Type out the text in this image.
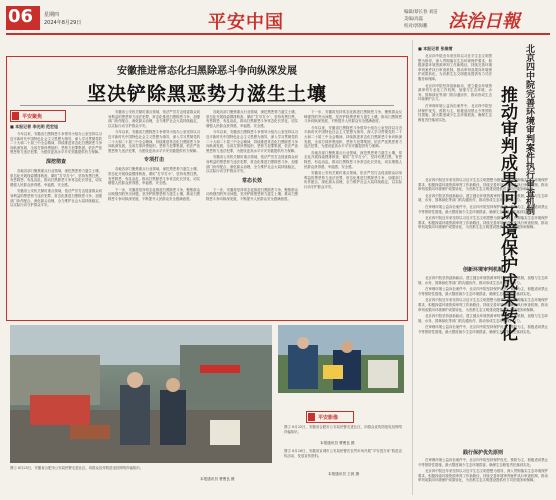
06 星期四
2024年8月29日	平安中国	编辑/蔡长春 刘洁
美编/高磊
校对/郭海鹏	法治日報
安徽推进常态化扫黑除恶斗争向纵深发展
坚决铲除黑恶势力滋生土壤
平安聚焦
■ 本报记者 李光明 范宏旭

今年以来，安徽省扫黑除恶斗争领导小组办公室坚持以习近平新时代中国特色社会主义思想为指导，深入学习贯彻党的二十大和二十届三中全会精神，持续推进常态化扫黑除恶斗争向纵深发展，全省打掉涉黑组织、恶势力犯罪集团，依法严惩黑恶势力违法犯罪，为建设更高水平平安安徽提供有力保障。

深挖彻查

各地各部门聚焦重点行业领域，深挖黑恶势力滋生土壤，常态化开展线索摸排核查，紧盯“打早打小”，坚持有黑扫黑、有恶除恶、有乱治乱，推动扫黑除恶斗争常态化长效化，切实增强人民群众获得感、幸福感、安全感。

安徽省公安机关紧盯重点领域，依法严厉打击侵害群众切身利益的黑恶势力违法犯罪，常态化推进扫黑除恶斗争，加强部门协作配合，深化源头治理，全力维护社会大局持续稳定，以实际行动守护群众平安。

安徽省公安机关紧盯重点领域，依法严厉打击侵害群众切身利益的黑恶势力违法犯罪，常态化推进扫黑除恶斗争，加强部门协作配合，深化源头治理，全力维护社会大局持续稳定，以实际行动守护群众平安。

今年以来，安徽省扫黑除恶斗争领导小组办公室坚持以习近平新时代中国特色社会主义思想为指导，深入学习贯彻党的二十大和二十届三中全会精神，持续推进常态化扫黑除恶斗争向纵深发展，全省打掉涉黑组织、恶势力犯罪集团，依法严惩黑恶势力违法犯罪，为建设更高水平平安安徽提供有力保障。

专项打击

各地各部门聚焦重点行业领域，深挖黑恶势力滋生土壤，常态化开展线索摸排核查，紧盯“打早打小”，坚持有黑扫黑、有恶除恶、有乱治乱，推动扫黑除恶斗争常态化长效化，切实增强人民群众获得感、幸福感、安全感。

下一步，安徽将坚持常态化推进扫黑除恶斗争，聚焦群众反映强烈的突出问题，坚决铲除黑恶势力滋生土壤，推动扫黑除恶斗争向纵深发展，不断提升人民群众安全感满意度。

各地各部门聚焦重点行业领域，深挖黑恶势力滋生土壤，常态化开展线索摸排核查，紧盯“打早打小”，坚持有黑扫黑、有恶除恶、有乱治乱，推动扫黑除恶斗争常态化长效化，切实增强人民群众获得感、幸福感、安全感。

今年以来，安徽省扫黑除恶斗争领导小组办公室坚持以习近平新时代中国特色社会主义思想为指导，深入学习贯彻党的二十大和二十届三中全会精神，持续推进常态化扫黑除恶斗争向纵深发展，全省打掉涉黑组织、恶势力犯罪集团，依法严惩黑恶势力违法犯罪，为建设更高水平平安安徽提供有力保障。

安徽省公安机关紧盯重点领域，依法严厉打击侵害群众切身利益的黑恶势力违法犯罪，常态化推进扫黑除恶斗争，加强部门协作配合，深化源头治理，全力维护社会大局持续稳定，以实际行动守护群众平安。

常态长效

下一步，安徽将坚持常态化推进扫黑除恶斗争，聚焦群众反映强烈的突出问题，坚决铲除黑恶势力滋生土壤，推动扫黑除恶斗争向纵深发展，不断提升人民群众安全感满意度。

下一步，安徽将坚持常态化推进扫黑除恶斗争，聚焦群众反映强烈的突出问题，坚决铲除黑恶势力滋生土壤，推动扫黑除恶斗争向纵深发展，不断提升人民群众安全感满意度。

今年以来，安徽省扫黑除恶斗争领导小组办公室坚持以习近平新时代中国特色社会主义思想为指导，深入学习贯彻党的二十大和二十届三中全会精神，持续推进常态化扫黑除恶斗争向纵深发展，全省打掉涉黑组织、恶势力犯罪集团，依法严惩黑恶势力违法犯罪，为建设更高水平平安安徽提供有力保障。

各地各部门聚焦重点行业领域，深挖黑恶势力滋生土壤，常态化开展线索摸排核查，紧盯“打早打小”，坚持有黑扫黑、有恶除恶、有乱治乱，推动扫黑除恶斗争常态化长效化，切实增强人民群众获得感、幸福感、安全感。

安徽省公安机关紧盯重点领域，依法严厉打击侵害群众切身利益的黑恶势力违法犯罪，常态化推进扫黑除恶斗争，加强部门协作配合，深化源头治理，全力维护社会大局持续稳定，以实际行动守护群众平安。

平安影像
图① 8月25日，安徽省合肥市公安局民警走进社区，向群众宣传防范电信网络诈骗知识。
本报通讯员 曹俊良 摄
图② 8月26日，安徽省宣城市公安局民警在农贸市场开展“平安进万家”防范宣传活动，发放宣传资料。
本报通讯员 王晨 摄
图① 8月25日，安徽省合肥市公安局民警走进社区，向群众宣传防范电信网络诈骗知识。
本报通讯员 曹俊良 摄
北京四中院完善环境审判案件执行审查机制
推动审判成果向环境保护成果转化
■ 本报记者 张维雪

北京四中院近年来坚持以习近平生态文明思想为指导，深入贯彻落实生态环境保护要求，积极探索环境资源审判工作新路径，持续完善环境审判案件执行审查机制，推动审判成果向环境保护成果转化，为首都生态文明建设提供有力司法服务和保障。

北京四中院坚持创新驱动，建立健全环境资源审判专业化工作机制，加强与生态环境、水务、园林绿化等部门的沟通协作，推动形成生态环境保护合力。

在审理环境公益诉讼案件中，北京四中院坚持保护优先、预防为主，积极适用禁止令等预防性措施，最大限度减少生态环境损害，确保生态修复责任落到实处。

北京四中院近年来坚持以习近平生态文明思想为指导，深入贯彻落实生态环境保护要求，积极探索环境资源审判工作新路径，持续完善环境审判案件执行审查机制，推动审判成果向环境保护成果转化，为首都生态文明建设提供有力司法服务和保障。

北京四中院坚持创新驱动，建立健全环境资源审判专业化工作机制，加强与生态环境、水务、园林绿化等部门的沟通协作，推动形成生态环境保护合力。

在审理环境公益诉讼案件中，北京四中院坚持保护优先、预防为主，积极适用禁止令等预防性措施，最大限度减少生态环境损害，确保生态修复责任落到实处。

北京四中院近年来坚持以习近平生态文明思想为指导，深入贯彻落实生态环境保护要求，积极探索环境资源审判工作新路径，持续完善环境审判案件执行审查机制，推动审判成果向环境保护成果转化，为首都生态文明建设提供有力司法服务和保障。

创新环境审判机制

北京四中院坚持创新驱动，建立健全环境资源审判专业化工作机制，加强与生态环境、水务、园林绿化等部门的沟通协作，推动形成生态环境保护合力。

在审理环境公益诉讼案件中，北京四中院坚持保护优先、预防为主，积极适用禁止令等预防性措施，最大限度减少生态环境损害，确保生态修复责任落到实处。

北京四中院近年来坚持以习近平生态文明思想为指导，深入贯彻落实生态环境保护要求，积极探索环境资源审判工作新路径，持续完善环境审判案件执行审查机制，推动审判成果向环境保护成果转化，为首都生态文明建设提供有力司法服务和保障。

北京四中院坚持创新驱动，建立健全环境资源审判专业化工作机制，加强与生态环境、水务、园林绿化等部门的沟通协作，推动形成生态环境保护合力。

在审理环境公益诉讼案件中，北京四中院坚持保护优先、预防为主，积极适用禁止令等预防性措施，最大限度减少生态环境损害，确保生态修复责任落到实处。

践行保护优先原则

在审理环境公益诉讼案件中，北京四中院坚持保护优先、预防为主，积极适用禁止令等预防性措施，最大限度减少生态环境损害，确保生态修复责任落到实处。

北京四中院近年来坚持以习近平生态文明思想为指导，深入贯彻落实生态环境保护要求，积极探索环境资源审判工作新路径，持续完善环境审判案件执行审查机制，推动审判成果向环境保护成果转化，为首都生态文明建设提供有力司法服务和保障。
